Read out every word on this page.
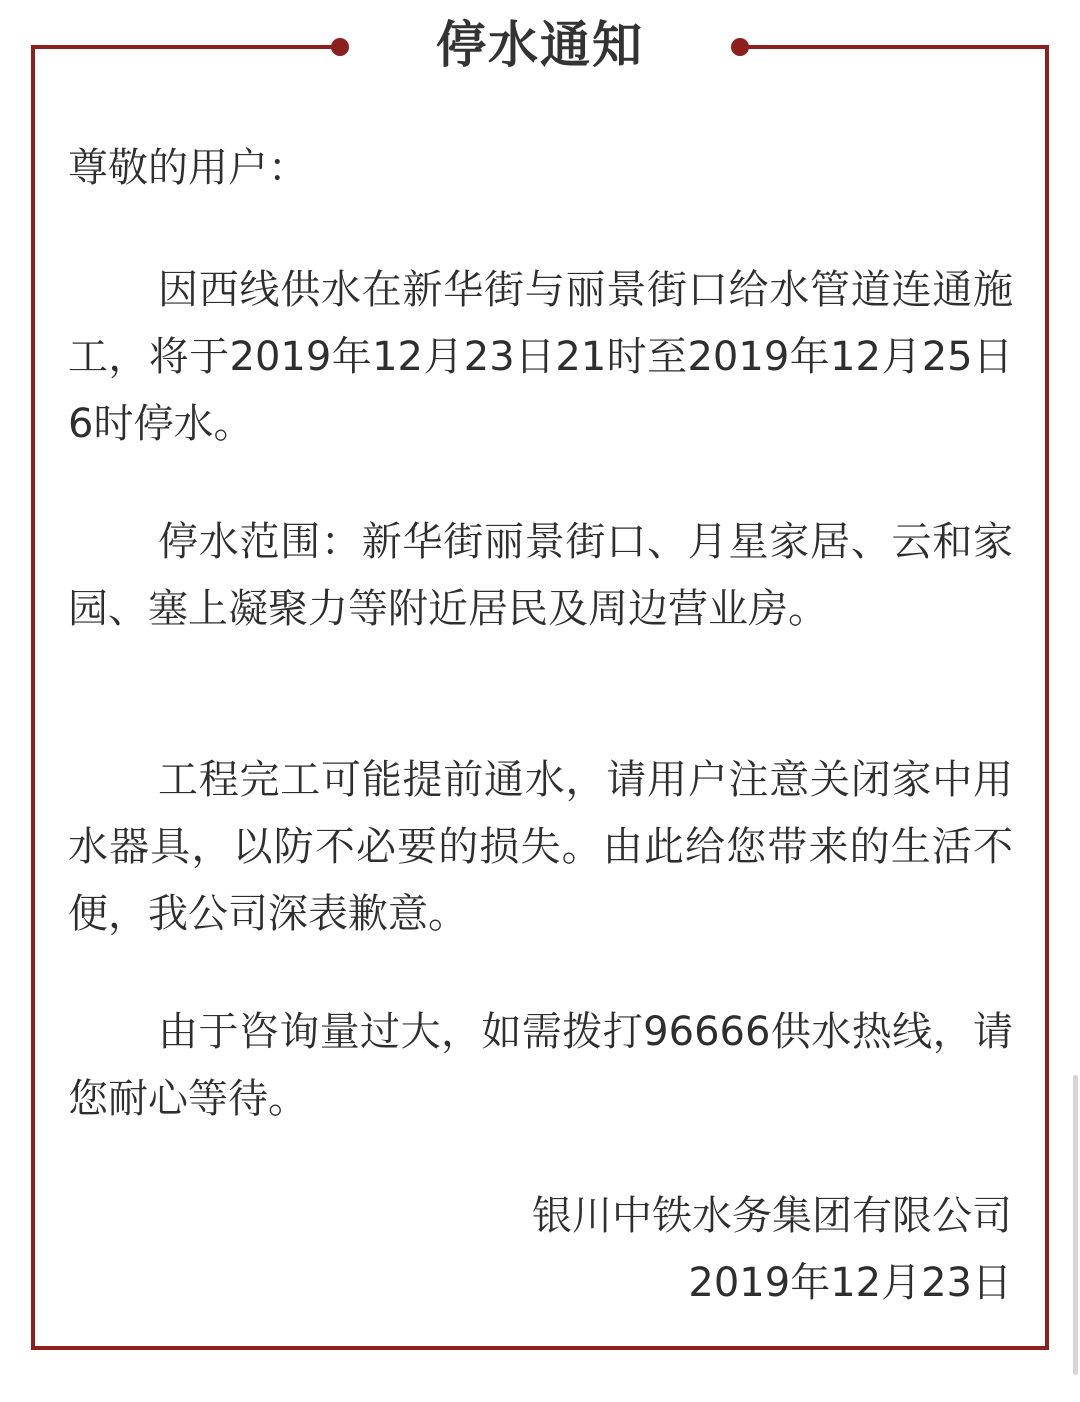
停水通知

尊敬的用户：

因西线供水在新华街与丽景街口给水管道连通施工，将于2019年12月23日21时至2019年12月25日6时停水。

停水范围：新华街丽景街口、月星家居、云和家园、塞上凝聚力等附近居民及周边营业房。

工程完工可能提前通水，请用户注意关闭家中用水器具，以防不必要的损失。由此给您带来的生活不便，我公司深表歉意。

由于咨询量过大，如需拨打96666供水热线，请您耐心等待。

银川中铁水务集团有限公司
2019年12月23日
